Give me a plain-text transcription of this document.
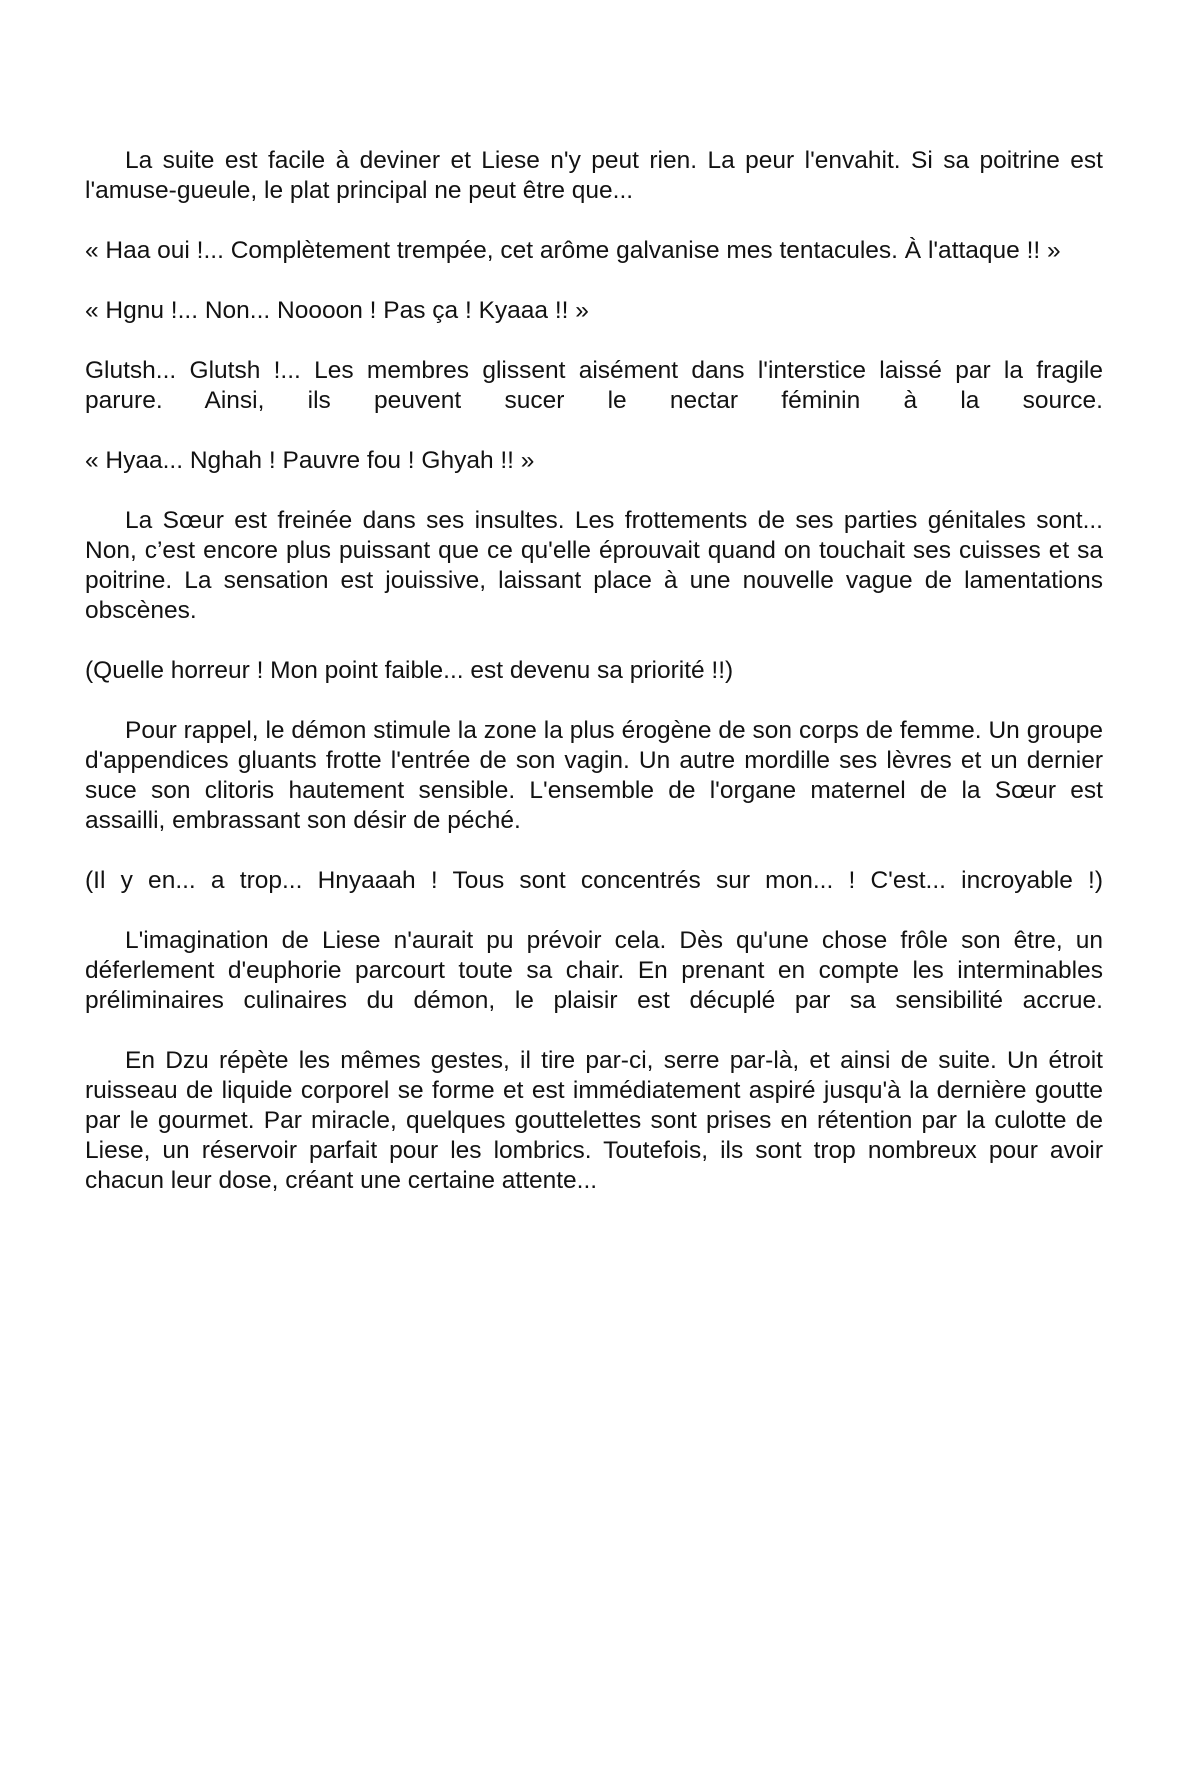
La suite est facile à deviner et Liese n'y peut rien. La peur l'envahit. Si sa poitrine est
l'amuse-gueule, le plat principal ne peut être que...
« Haa oui !... Complètement trempée, cet arôme galvanise mes tentacules. À l'attaque !! »
« Hgnu !... Non... Noooon ! Pas ça ! Kyaaa !! »
Glutsh... Glutsh !... Les membres glissent aisément dans l'interstice laissé par la fragile
parure. Ainsi, ils peuvent sucer le nectar féminin à la source.
« Hyaa... Nghah ! Pauvre fou ! Ghyah !! »
La Sœur est freinée dans ses insultes. Les frottements de ses parties génitales sont...
Non, c’est encore plus puissant que ce qu'elle éprouvait quand on touchait ses cuisses et sa
poitrine. La sensation est jouissive, laissant place à une nouvelle vague de lamentations
obscènes.
(Quelle horreur ! Mon point faible... est devenu sa priorité !!)
Pour rappel, le démon stimule la zone la plus érogène de son corps de femme. Un groupe
d'appendices gluants frotte l'entrée de son vagin. Un autre mordille ses lèvres et un dernier
suce son clitoris hautement sensible. L'ensemble de l'organe maternel de la Sœur est
assailli, embrassant son désir de péché.
(Il y en... a trop... Hnyaaah ! Tous sont concentrés sur mon... ! C'est... incroyable !)
L'imagination de Liese n'aurait pu prévoir cela. Dès qu'une chose frôle son être, un
déferlement d'euphorie parcourt toute sa chair. En prenant en compte les interminables
préliminaires culinaires du démon, le plaisir est décuplé par sa sensibilité accrue.
En Dzu répète les mêmes gestes, il tire par-ci, serre par-là, et ainsi de suite. Un étroit
ruisseau de liquide corporel se forme et est immédiatement aspiré jusqu'à la dernière goutte
par le gourmet. Par miracle, quelques gouttelettes sont prises en rétention par la culotte de
Liese, un réservoir parfait pour les lombrics. Toutefois, ils sont trop nombreux pour avoir
chacun leur dose, créant une certaine attente...
